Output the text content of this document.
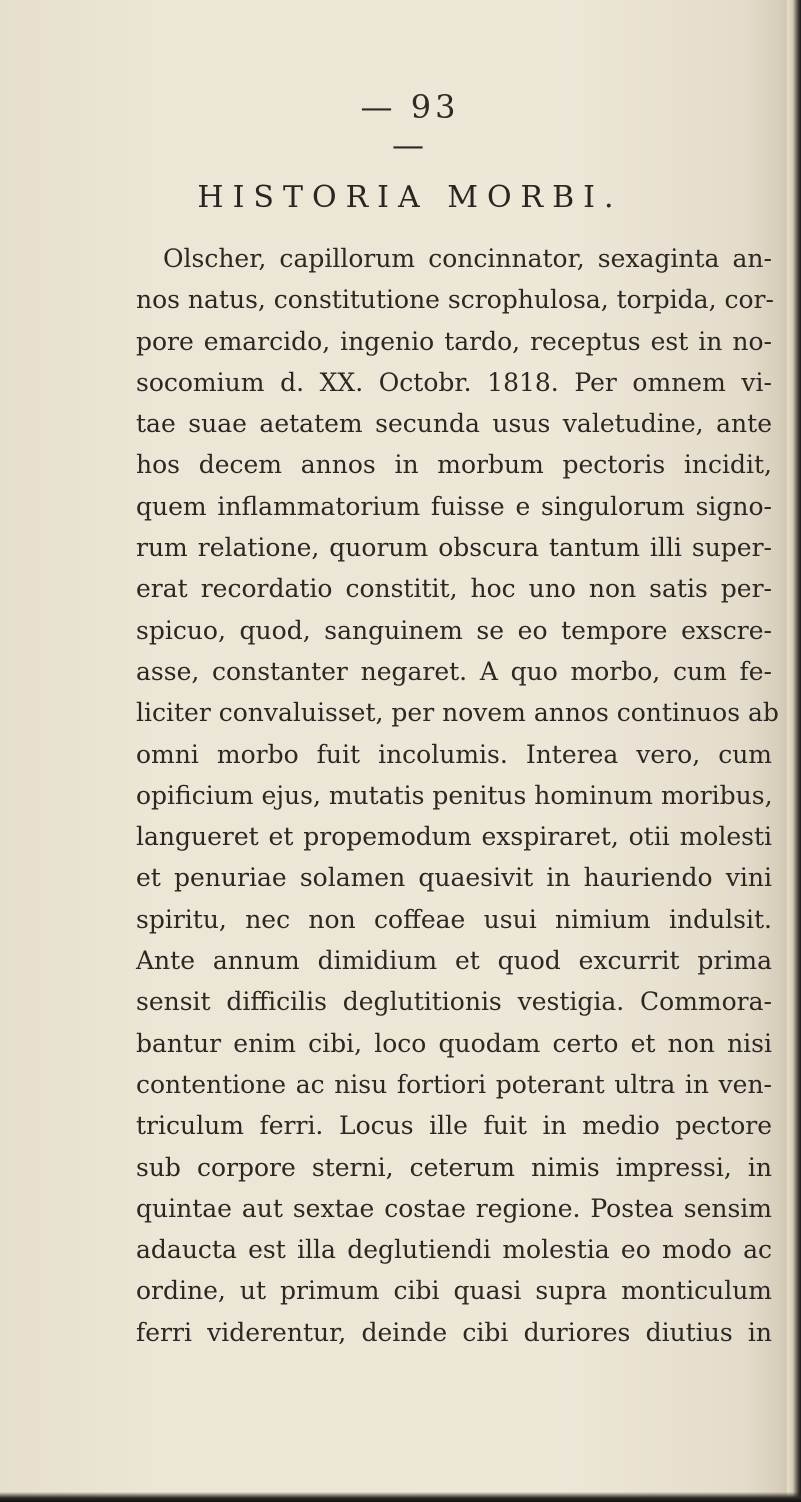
— 93 —
HISTORIA MORBI.
Olscher, capillorum concinnator, sexaginta an-
nos natus, constitutione scrophulosa, torpida, cor-
pore emarcido, ingenio tardo, receptus est in no-
socomium d. XX. Octobr. 1818. Per omnem vi-
tae suae aetatem secunda usus valetudine, ante
hos decem annos in morbum pectoris incidit,
quem inflammatorium fuisse e singulorum signo-
rum relatione, quorum obscura tantum illi super-
erat recordatio constitit, hoc uno non satis per-
spicuo, quod, sanguinem se eo tempore exscre-
asse, constanter negaret. A quo morbo, cum fe-
liciter convaluisset, per novem annos continuos ab
omni morbo fuit incolumis. Interea vero, cum
opificium ejus, mutatis penitus hominum moribus,
langueret et propemodum exspiraret, otii molesti
et penuriae solamen quaesivit in hauriendo vini
spiritu, nec non coffeae usui nimium indulsit.
Ante annum dimidium et quod excurrit prima
sensit difficilis deglutitionis vestigia. Commora-
bantur enim cibi, loco quodam certo et non nisi
contentione ac nisu fortiori poterant ultra in ven-
triculum ferri. Locus ille fuit in medio pectore
sub corpore sterni, ceterum nimis impressi, in
quintae aut sextae costae regione. Postea sensim
adaucta est illa deglutiendi molestia eo modo ac
ordine, ut primum cibi quasi supra monticulum
ferri viderentur, deinde cibi duriores diutius in
